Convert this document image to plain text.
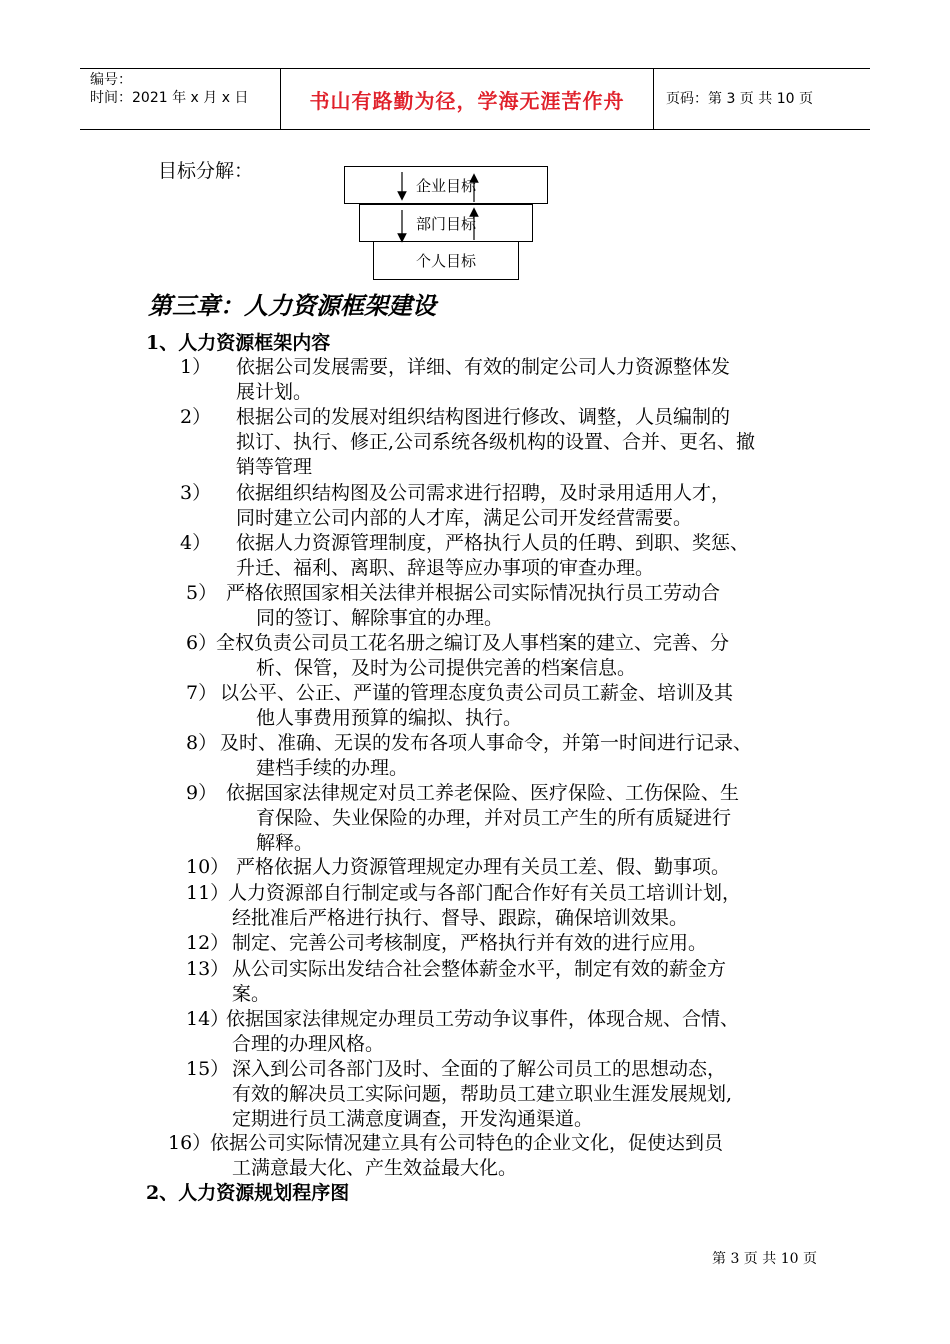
编号：
时间：2021 年 x 月 x 日	书山有路勤为径，学海无涯苦作舟	页码：第 3 页 共 10 页
目标分解：
企业目标
部门目标
个人目标
第三章：人力资源框架建设
1、人力资源框架内容
1） 依据公司发展需要，详细、有效的制定公司人力资源整体发
展计划。
2） 根据公司的发展对组织结构图进行修改、调整，人员编制的
拟订、执行、修正,公司系统各级机构的设置、合并、更名、撤
销等管理
3） 依据组织结构图及公司需求进行招聘，及时录用适用人才，
同时建立公司内部的人才库，满足公司开发经营需要。
4） 依据人力资源管理制度，严格执行人员的任聘、到职、奖惩、
升迁、福利、离职、辞退等应办事项的审查办理。
5） 严格依照国家相关法律并根据公司实际情况执行员工劳动合
同的签订、解除事宜的办理。
6）
全权负责公司员工花名册之编订及人事档案的建立、完善、分
析、保管，及时为公司提供完善的档案信息。
7） 以公平、公正、严谨的管理态度负责公司员工薪金、培训及其
他人事费用预算的编拟、执行。
8） 及时、准确、无误的发布各项人事命令，并第一时间进行记录、
建档手续的办理。
9） 依据国家法律规定对员工养老保险、医疗保险、工伤保险、生
育保险、失业保险的办理，并对员工产生的所有质疑进行
解释。
10） 严格依据人力资源管理规定办理有关员工差、假、勤事项。
11）
人力资源部自行制定或与各部门配合作好有关员工培训计划，
经批准后严格进行执行、督导、跟踪，确保培训效果。
12） 制定、完善公司考核制度，严格执行并有效的进行应用。
13） 从公司实际出发结合社会整体薪金水平，制定有效的薪金方
案。
14）
依据国家法律规定办理员工劳动争议事件，体现合规、合情、
合理的办理风格。
15） 深入到公司各部门及时、全面的了解公司员工的思想动态，
有效的解决员工实际问题，帮助员工建立职业生涯发展规划,
定期进行员工满意度调查，开发沟通渠道。
16）
依据公司实际情况建立具有公司特色的企业文化，促使达到员
工满意最大化、产生效益最大化。
2、人力资源规划程序图
第 3 页 共 10 页
